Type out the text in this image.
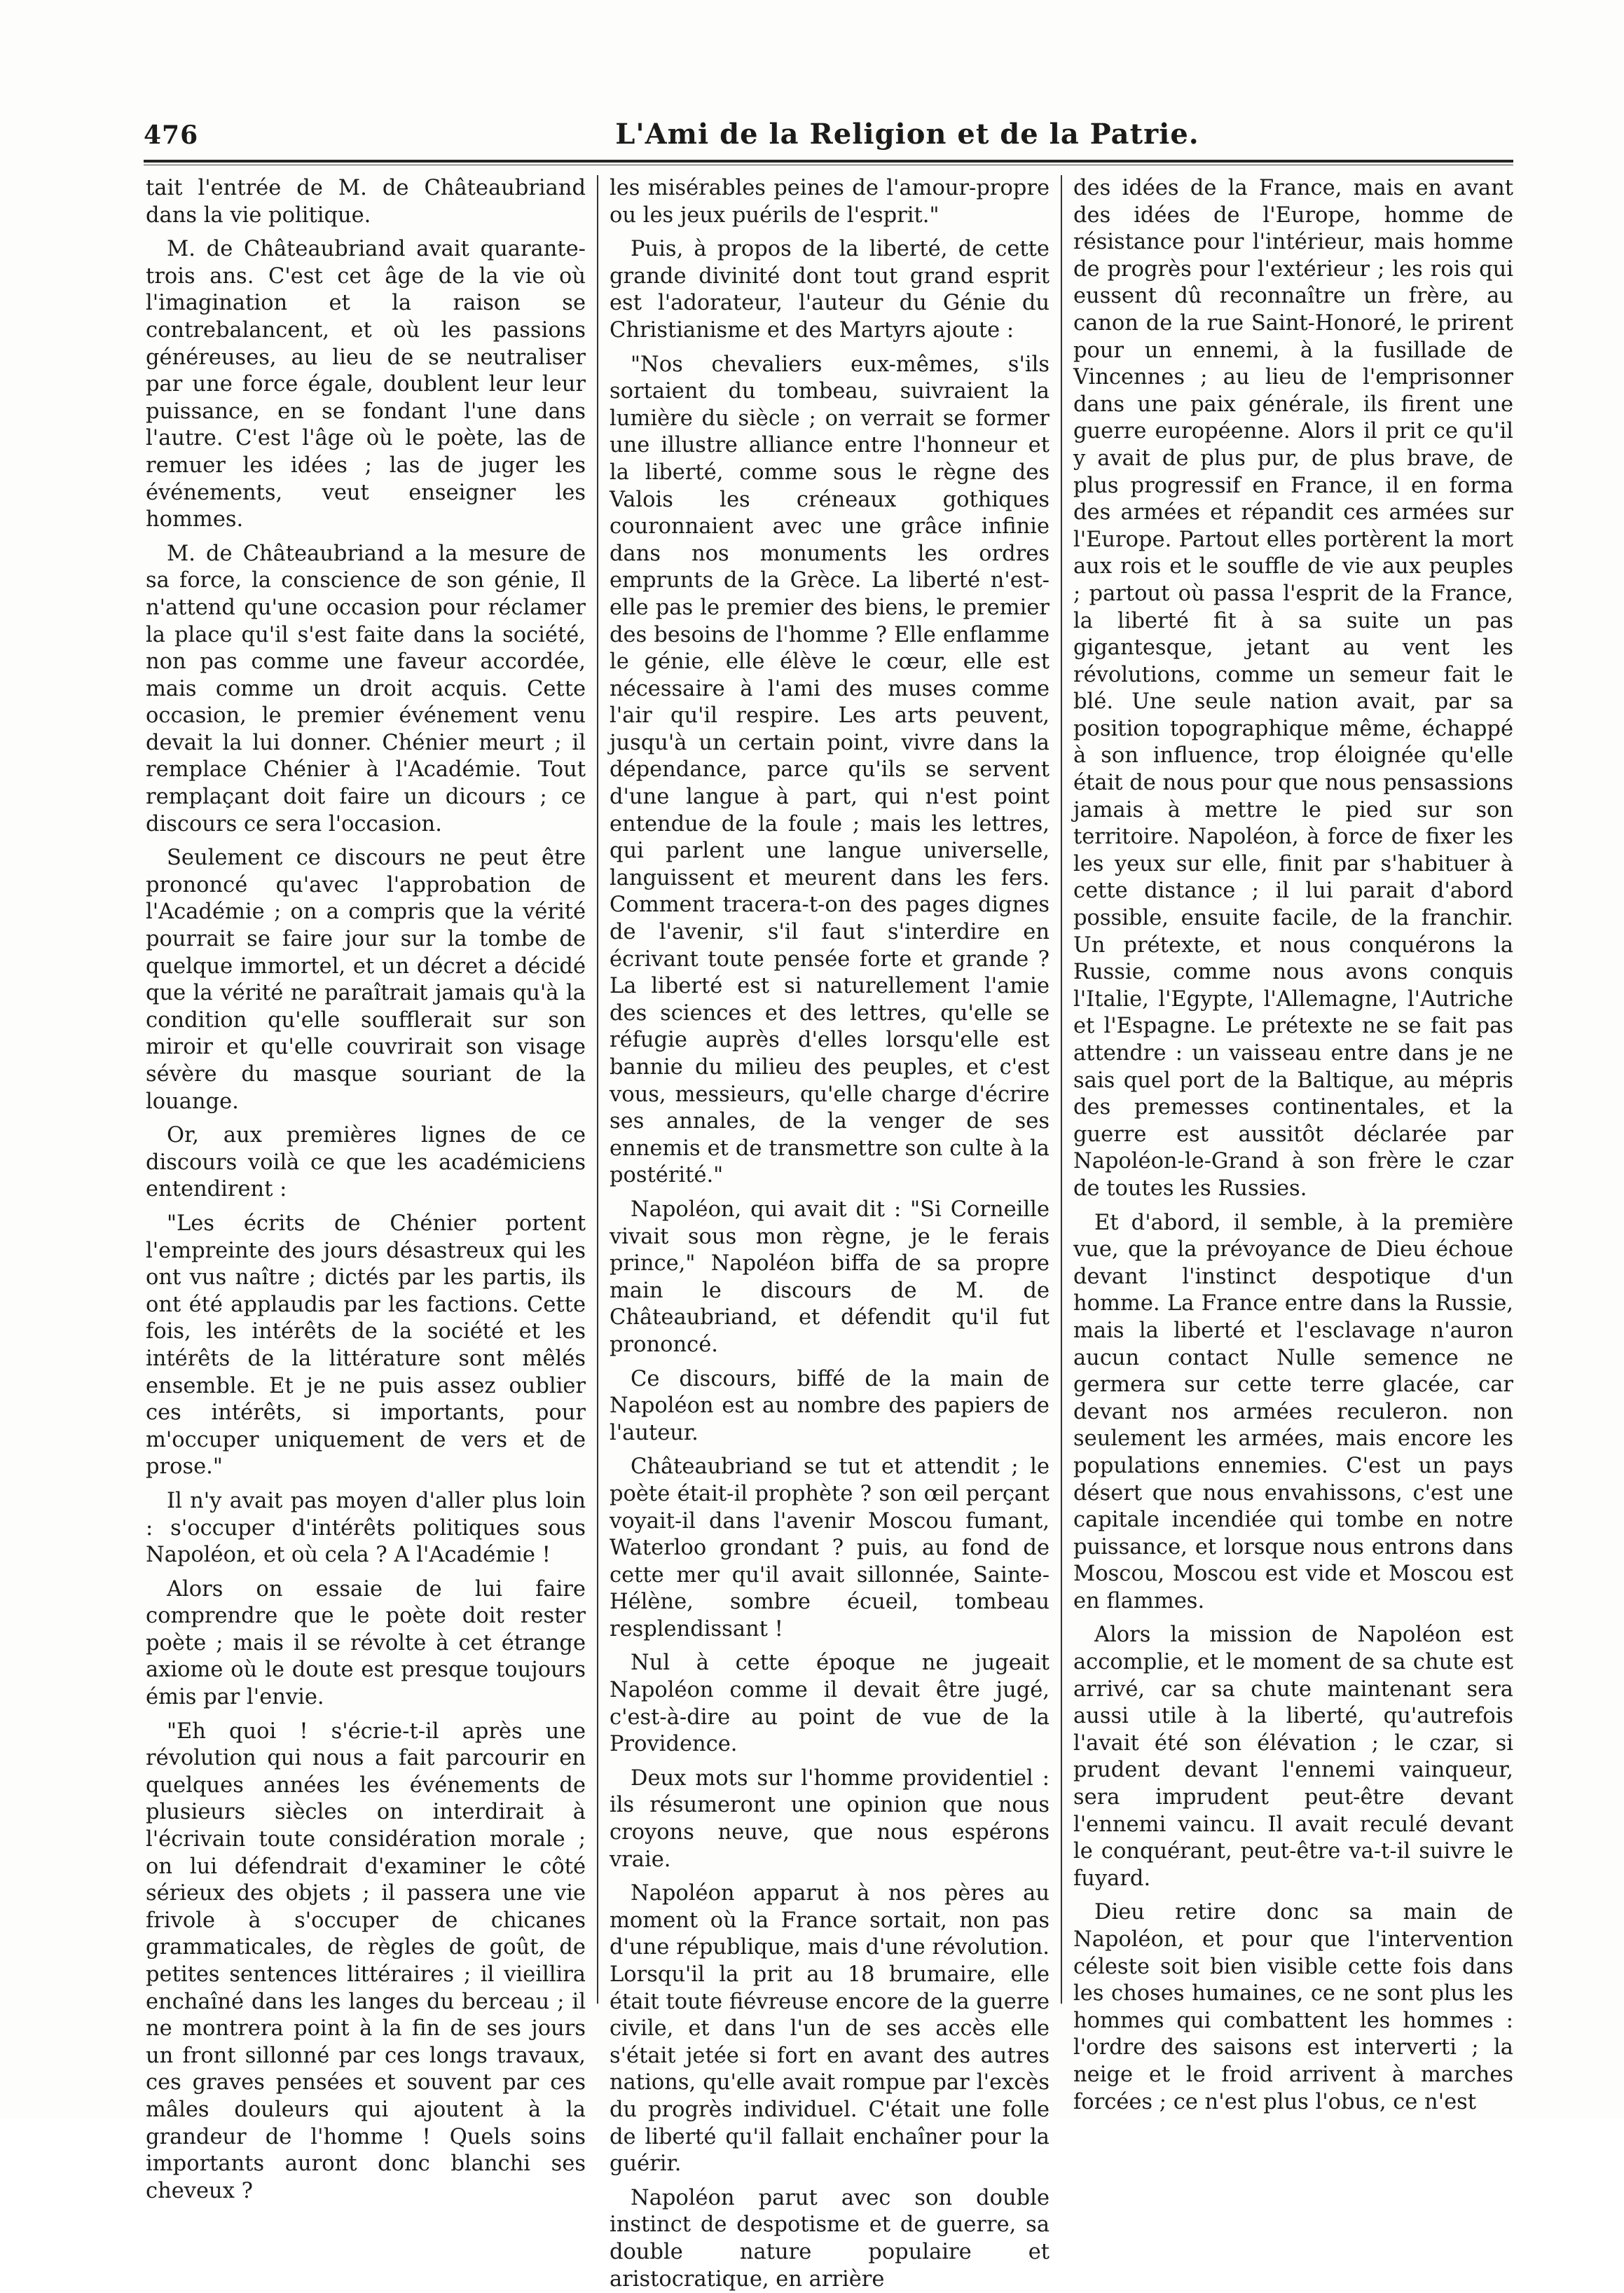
476	L'Ami de la Religion et de la Patrie.

tait l'entrée de M. de Châteaubriand dans la vie politique.

M. de Châteaubriand avait quarante-trois ans. C'est cet âge de la vie où l'imagination et la raison se contrebalancent, et où les passions généreuses, au lieu de se neutraliser par une force égale, doublent leur leur puissance, en se fondant l'une dans l'autre. C'est l'âge où le poète, las de remuer les idées ; las de juger les événements, veut enseigner les hommes.

M. de Châteaubriand a la mesure de sa force, la conscience de son génie, Il n'attend qu'une occasion pour réclamer la place qu'il s'est faite dans la société, non pas comme une faveur accordée, mais comme un droit acquis. Cette occasion, le premier événement venu devait la lui donner. Chénier meurt ; il remplace Chénier à l'Académie. Tout remplaçant doit faire un dicours ; ce discours ce sera l'occasion.

Seulement ce discours ne peut être prononcé qu'avec l'approbation de l'Académie ; on a compris que la vérité pourrait se faire jour sur la tombe de quelque immortel, et un décret a décidé que la vérité ne paraîtrait jamais qu'à la condition qu'elle soufflerait sur son miroir et qu'elle couvrirait son visage sévère du masque souriant de la louange.

Or, aux premières lignes de ce discours voilà ce que les académiciens entendirent :

"Les écrits de Chénier portent l'empreinte des jours désastreux qui les ont vus naître ; dictés par les partis, ils ont été applaudis par les factions. Cette fois, les intérêts de la société et les intérêts de la littérature sont mêlés ensemble. Et je ne puis assez oublier ces intérêts, si importants, pour m'occuper uniquement de vers et de prose."

Il n'y avait pas moyen d'aller plus loin : s'occuper d'intérêts politiques sous Napoléon, et où cela ? A l'Académie !

Alors on essaie de lui faire comprendre que le poète doit rester poète ; mais il se révolte à cet étrange axiome où le doute est presque toujours émis par l'envie.

"Eh quoi ! s'écrie-t-il après une révolution qui nous a fait parcourir en quelques années les événements de plusieurs siècles on interdirait à l'écrivain toute considération morale ; on lui défendrait d'examiner le côté sérieux des objets ; il passera une vie frivole à s'occuper de chicanes grammaticales, de règles de goût, de petites sentences littéraires ; il vieillira enchaîné dans les langes du berceau ; il ne montrera point à la fin de ses jours un front sillonné par ces longs travaux, ces graves pensées et souvent par ces mâles douleurs qui ajoutent à la grandeur de l'homme ! Quels soins importants auront donc blanchi ses cheveux ?

les misérables peines de l'amour-propre ou les jeux puérils de l'esprit."

Puis, à propos de la liberté, de cette grande divinité dont tout grand esprit est l'adorateur, l'auteur du Génie du Christianisme et des Martyrs ajoute :

"Nos chevaliers eux-mêmes, s'ils sortaient du tombeau, suivraient la lumière du siècle ; on verrait se former une illustre alliance entre l'honneur et la liberté, comme sous le règne des Valois les créneaux gothiques couronnaient avec une grâce infinie dans nos monuments les ordres emprunts de la Grèce. La liberté n'est-elle pas le premier des biens, le premier des besoins de l'homme ? Elle enflamme le génie, elle élève le cœur, elle est nécessaire à l'ami des muses comme l'air qu'il respire. Les arts peuvent, jusqu'à un certain point, vivre dans la dépendance, parce qu'ils se servent d'une langue à part, qui n'est point entendue de la foule ; mais les lettres, qui parlent une langue universelle, languissent et meurent dans les fers. Comment tracera-t-on des pages dignes de l'avenir, s'il faut s'interdire en écrivant toute pensée forte et grande ? La liberté est si naturellement l'amie des sciences et des lettres, qu'elle se réfugie auprès d'elles lorsqu'elle est bannie du milieu des peuples, et c'est vous, messieurs, qu'elle charge d'écrire ses annales, de la venger de ses ennemis et de transmettre son culte à la postérité."

Napoléon, qui avait dit : "Si Corneille vivait sous mon règne, je le ferais prince," Napoléon biffa de sa propre main le discours de M. de Châteaubriand, et défendit qu'il fut prononcé.

Ce discours, biffé de la main de Napoléon est au nombre des papiers de l'auteur.

Châteaubriand se tut et attendit ; le poète était-il prophète ? son œil perçant voyait-il dans l'avenir Moscou fumant, Waterloo grondant ? puis, au fond de cette mer qu'il avait sillonnée, Sainte-Hélène, sombre écueil, tombeau resplendissant !

Nul à cette époque ne jugeait Napoléon comme il devait être jugé, c'est-à-dire au point de vue de la Providence.

Deux mots sur l'homme providentiel : ils résumeront une opinion que nous croyons neuve, que nous espérons vraie.

Napoléon apparut à nos pères au moment où la France sortait, non pas d'une république, mais d'une révolution. Lorsqu'il la prit au 18 brumaire, elle était toute fiévreuse encore de la guerre civile, et dans l'un de ses accès elle s'était jetée si fort en avant des autres nations, qu'elle avait rompue par l'excès du progrès individuel. C'était une folle de liberté qu'il fallait enchaîner pour la guérir.

Napoléon parut avec son double instinct de despotisme et de guerre, sa double nature populaire et aristocratique, en arrière

des idées de la France, mais en avant des idées de l'Europe, homme de résistance pour l'intérieur, mais homme de progrès pour l'extérieur ; les rois qui eussent dû reconnaître un frère, au canon de la rue Saint-Honoré, le prirent pour un ennemi, à la fusillade de Vincennes ; au lieu de l'emprisonner dans une paix générale, ils firent une guerre européenne. Alors il prit ce qu'il y avait de plus pur, de plus brave, de plus progressif en France, il en forma des armées et répandit ces armées sur l'Europe. Partout elles portèrent la mort aux rois et le souffle de vie aux peuples ; partout où passa l'esprit de la France, la liberté fit à sa suite un pas gigantesque, jetant au vent les révolutions, comme un semeur fait le blé. Une seule nation avait, par sa position topographique même, échappé à son influence, trop éloignée qu'elle était de nous pour que nous pensassions jamais à mettre le pied sur son territoire. Napoléon, à force de fixer les les yeux sur elle, finit par s'habituer à cette distance ; il lui parait d'abord possible, ensuite facile, de la franchir. Un prétexte, et nous conquérons la Russie, comme nous avons conquis l'Italie, l'Egypte, l'Allemagne, l'Autriche et l'Espagne. Le prétexte ne se fait pas attendre : un vaisseau entre dans je ne sais quel port de la Baltique, au mépris des premesses continentales, et la guerre est aussitôt déclarée par Napoléon-le-Grand à son frère le czar de toutes les Russies.

Et d'abord, il semble, à la première vue, que la prévoyance de Dieu échoue devant l'instinct despotique d'un homme. La France entre dans la Russie, mais la liberté et l'esclavage n'auron aucun contact Nulle semence ne germera sur cette terre glacée, car devant nos armées reculeron. non seulement les armées, mais encore les populations ennemies. C'est un pays désert que nous envahissons, c'est une capitale incendiée qui tombe en notre puissance, et lorsque nous entrons dans Moscou, Moscou est vide et Moscou est en flammes.

Alors la mission de Napoléon est accomplie, et le moment de sa chute est arrivé, car sa chute maintenant sera aussi utile à la liberté, qu'autrefois l'avait été son élévation ; le czar, si prudent devant l'ennemi vainqueur, sera imprudent peut-être devant l'ennemi vaincu. Il avait reculé devant le conquérant, peut-être va-t-il suivre le fuyard.

Dieu retire donc sa main de Napoléon, et pour que l'intervention céleste soit bien visible cette fois dans les choses humaines, ce ne sont plus les hommes qui combattent les hommes : l'ordre des saisons est interverti ; la neige et le froid arrivent à marches forcées ; ce n'est plus l'obus, ce n'est
